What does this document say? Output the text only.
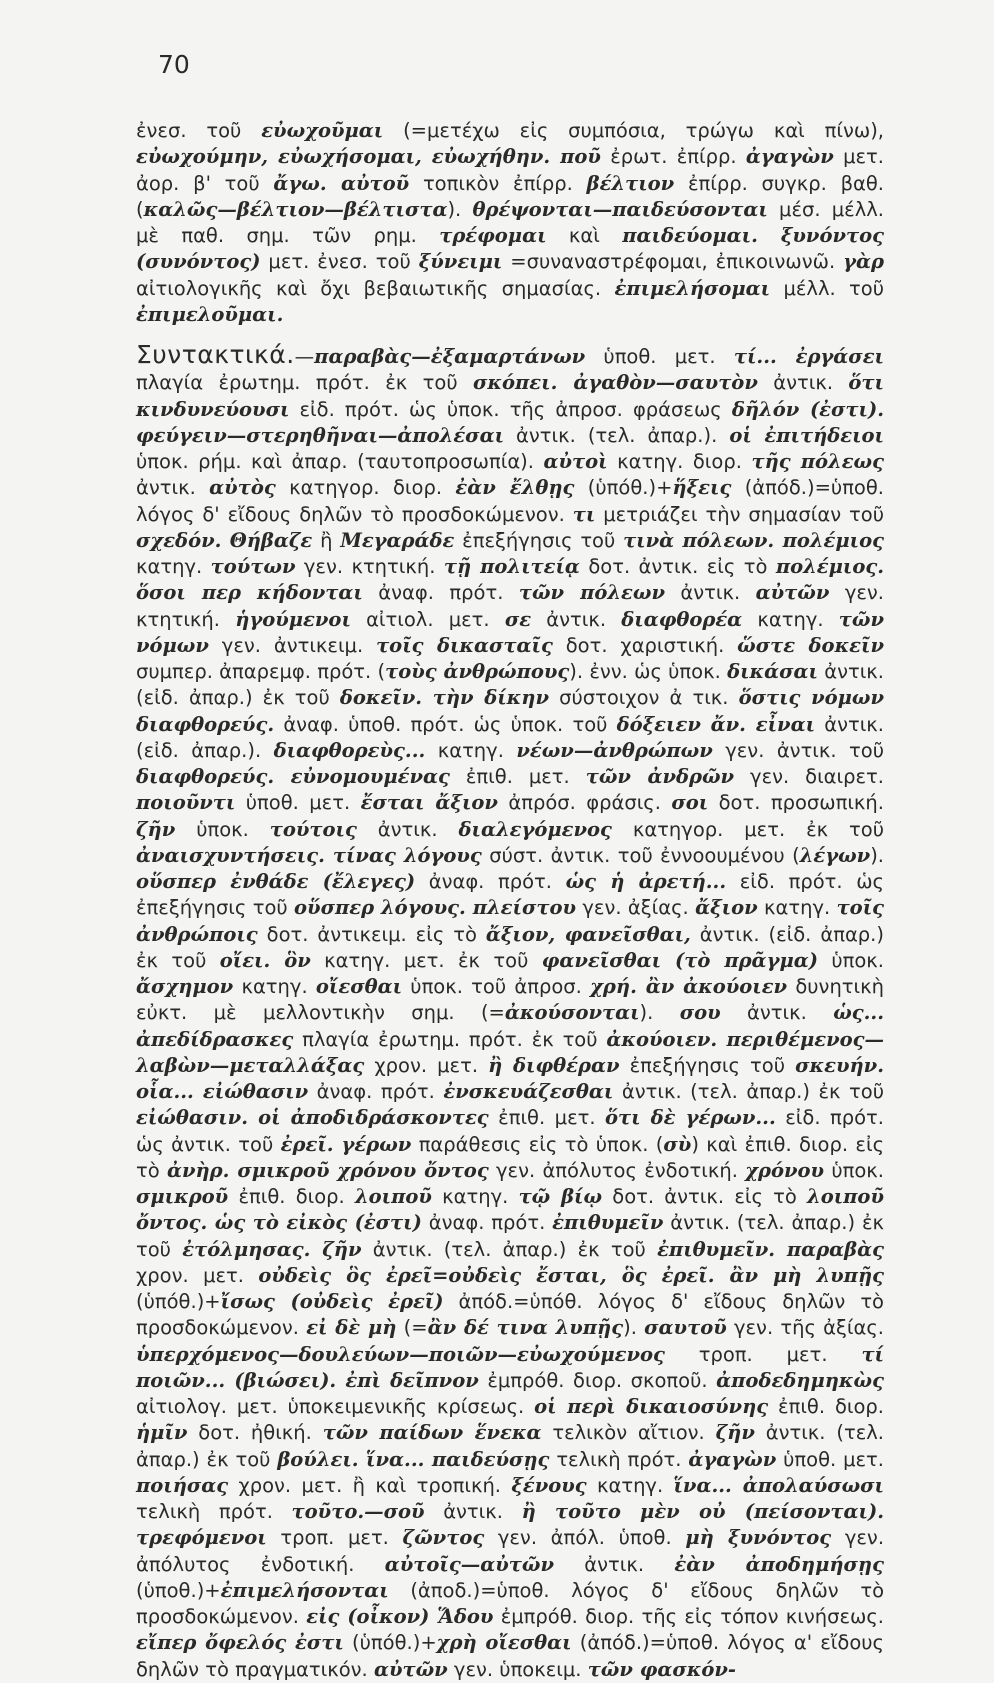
70

ἐνεσ. τοῦ εὐωχοῦμαι (=μετέχω εἰς συμπόσια, τρώγω καὶ πίνω), εὐωχούμην, εὐωχήσομαι, εὐωχήθην. ποῦ ἐρωτ. ἐπίρρ. ἀγαγὼν μετ. ἀορ. β' τοῦ ἄγω. αὐτοῦ τοπικὸν ἐπίρρ. βέλτιον ἐπίρρ. συγκρ. βαθ. (καλῶς—βέλτιον—βέλτιστα). θρέψονται—παιδεύσονται μέσ. μέλλ. μὲ παθ. σημ. τῶν ρημ. τρέφομαι καὶ παιδεύομαι. ξυνόντος (συνόντος) μετ. ἐνεσ. τοῦ ξύνειμι =συναναστρέφομαι, ἐπικοινωνῶ. γὰρ αἰτιολογικῆς καὶ ὄχι βεβαιωτικῆς σημασίας. ἐπιμελήσομαι μέλλ. τοῦ ἐπιμελοῦμαι.

Συντακτικά.—παραβὰς—ἐξαμαρτάνων ὑποθ. μετ. τί... ἐργάσει πλαγία ἐρωτημ. πρότ. ἐκ τοῦ σκόπει. ἀγαθὸν—σαυτὸν ἀντικ. ὅτι κινδυνεύουσι εἰδ. πρότ. ὡς ὑποκ. τῆς ἀπροσ. φράσεως δῆλόν (ἐστι). φεύγειν—στερηθῆναι—ἀπολέσαι ἀντικ. (τελ. ἀπαρ.). οἱ ἐπιτήδειοι ὑποκ. ρήμ. καὶ ἀπαρ. (ταυτοπροσωπία). αὐτοὶ κατηγ. διορ. τῆς πόλεως ἀντικ. αὐτὸς κατηγορ. διορ. ἐὰν ἔλθῃς (ὑπόθ.)+ἥξεις (ἀπόδ.)=ὑποθ. λόγος δ' εἴδους δηλῶν τὸ προσδοκώμενον. τι μετριάζει τὴν σημασίαν τοῦ σχεδόν. Θήβαζε ἢ Μεγαράδε ἐπεξήγησις τοῦ τινὰ πόλεων. πολέμιος κατηγ. τούτων γεν. κτητική. τῇ πολιτείᾳ δοτ. ἀντικ. εἰς τὸ πολέμιος. ὅσοι περ κήδονται ἀναφ. πρότ. τῶν πόλεων ἀντικ. αὐτῶν γεν. κτητική. ἡγούμενοι αἰτιολ. μετ. σε ἀντικ. διαφθορέα κατηγ. τῶν νόμων γεν. ἀντικειμ. τοῖς δικασταῖς δοτ. χαριστική. ὥστε δοκεῖν συμπερ. ἀπαρεμφ. πρότ. (τοὺς ἀνθρώπους). ἐνν. ὡς ὑποκ. δικάσαι ἀντικ. (εἰδ. ἀπαρ.) ἐκ τοῦ δοκεῖν. τὴν δίκην σύστοιχον ἀ τικ. ὅστις νόμων διαφθορεύς. ἀναφ. ὑποθ. πρότ. ὡς ὑποκ. τοῦ δόξειεν ἄν. εἶναι ἀντικ. (εἰδ. ἀπαρ.). διαφθορεὺς... κατηγ. νέων—ἀνθρώπων γεν. ἀντικ. τοῦ διαφθορεύς. εὐνομουμένας ἐπιθ. μετ. τῶν ἀνδρῶν γεν. διαιρετ. ποιοῦντι ὑποθ. μετ. ἔσται ἄξιον ἀπρόσ. φράσις. σοι δοτ. προσωπική. ζῆν ὑποκ. τούτοις ἀντικ. διαλεγόμενος κατηγορ. μετ. ἐκ τοῦ ἀναισχυντήσεις. τίνας λόγους σύστ. ἀντικ. τοῦ ἐννοουμένου (λέγων). οὕσπερ ἐνθάδε (ἔλεγες) ἀναφ. πρότ. ὡς ἡ ἀρετή... εἰδ. πρότ. ὡς ἐπεξήγησις τοῦ οὕσπερ λόγους. πλείστου γεν. ἀξίας. ἄξιον κατηγ. τοῖς ἀνθρώποις δοτ. ἀντικειμ. εἰς τὸ ἄξιον, φανεῖσθαι, ἀντικ. (εἰδ. ἀπαρ.) ἐκ τοῦ οἴει. ὃν κατηγ. μετ. ἐκ τοῦ φανεῖσθαι (τὸ πρᾶγμα) ὑποκ. ἄσχημον κατηγ. οἴεσθαι ὑποκ. τοῦ ἀπροσ. χρή. ἂν ἀκούοιεν δυνητικὴ εὐκτ. μὲ μελλοντικὴν σημ. (=ἀκούσονται). σου ἀντικ. ὡς... ἀπεδίδρασκες πλαγία ἐρωτημ. πρότ. ἐκ τοῦ ἀκούοιεν. περιθέμενος—λαβὼν—μεταλλάξας χρον. μετ. ἢ διφθέραν ἐπεξήγησις τοῦ σκευήν. οἷα... εἰώθασιν ἀναφ. πρότ. ἐνσκευάζεσθαι ἀντικ. (τελ. ἀπαρ.) ἐκ τοῦ εἰώθασιν. οἱ ἀποδιδράσκοντες ἐπιθ. μετ. ὅτι δὲ γέρων... εἰδ. πρότ. ὡς ἀντικ. τοῦ ἐρεῖ. γέρων παράθεσις εἰς τὸ ὑποκ. (σὺ) καὶ ἐπιθ. διορ. εἰς τὸ ἀνὴρ. σμικροῦ χρόνου ὄντος γεν. ἀπόλυτος ἐνδοτική. χρόνου ὑποκ. σμικροῦ ἐπιθ. διορ. λοιποῦ κατηγ. τῷ βίῳ δοτ. ἀντικ. εἰς τὸ λοιποῦ ὄντος. ὡς τὸ εἰκὸς (ἐστι) ἀναφ. πρότ. ἐπιθυμεῖν ἀντικ. (τελ. ἀπαρ.) ἐκ τοῦ ἐτόλμησας. ζῆν ἀντικ. (τελ. ἀπαρ.) ἐκ τοῦ ἐπιθυμεῖν. παραβὰς χρον. μετ. οὐδεὶς ὃς ἐρεῖ=οὐδεὶς ἔσται, ὃς ἐρεῖ. ἂν μὴ λυπῇς (ὑπόθ.)+ἴσως (οὐδεὶς ἐρεῖ) ἀπόδ.=ὑπόθ. λόγος δ' εἴδους δηλῶν τὸ προσδοκώμενον. εἰ δὲ μὴ (=ἂν δέ τινα λυπῇς). σαυτοῦ γεν. τῆς ἀξίας. ὑπερχόμενος—δουλεύων—ποιῶν—εὐωχούμενος τροπ. μετ. τί ποιῶν... (βιώσει). ἐπὶ δεῖπνον ἐμπρόθ. διορ. σκοποῦ. ἀποδεδημηκὼς αἰτιολογ. μετ. ὑποκειμενικῆς κρίσεως. οἱ περὶ δικαιοσύνης ἐπιθ. διορ. ἡμῖν δοτ. ἠθική. τῶν παίδων ἕνεκα τελικὸν αἴτιον. ζῆν ἀντικ. (τελ. ἀπαρ.) ἐκ τοῦ βούλει. ἵνα... παιδεύσῃς τελικὴ πρότ. ἀγαγὼν ὑποθ. μετ. ποιήσας χρον. μετ. ἢ καὶ τροπική. ξένους κατηγ. ἵνα... ἀπολαύσωσι τελικὴ πρότ. τοῦτο.—σοῦ ἀντικ. ἢ τοῦτο μὲν οὐ (πείσονται). τρεφόμενοι τροπ. μετ. ζῶντος γεν. ἀπόλ. ὑποθ. μὴ ξυνόντος γεν. ἀπόλυτος ἐνδοτική. αὐτοῖς—αὐτῶν ἀντικ. ἐὰν ἀποδημήσῃς (ὑποθ.)+ἐπιμελήσονται (ἀποδ.)=ὑποθ. λόγος δ' εἴδους δηλῶν τὸ προσδοκώμενον. εἰς (οἶκον) Ἅδου ἐμπρόθ. διορ. τῆς εἰς τόπον κινήσεως. εἴπερ ὄφελός ἐστι (ὑπόθ.)+χρὴ οἴεσθαι (ἀπόδ.)=ὑποθ. λόγος α' εἴδους δηλῶν τὸ πραγματικόν. αὐτῶν γεν. ὑποκειμ. τῶν φασκόν-
